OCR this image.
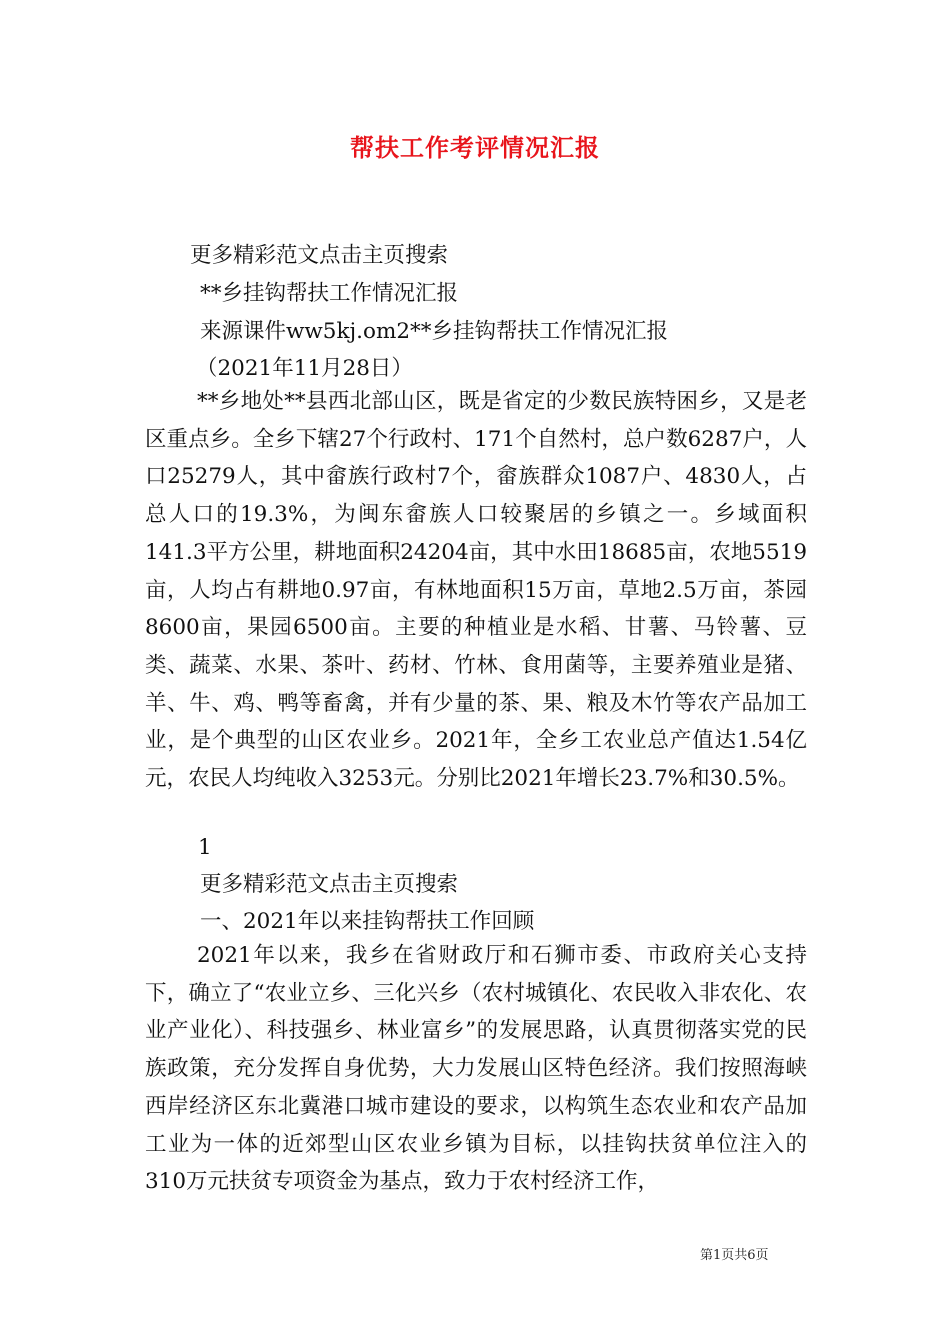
帮扶工作考评情况汇报
更多精彩范文点击主页搜索
**乡挂钩帮扶工作情况汇报
来源课件ww5kj.om2**乡挂钩帮扶工作情况汇报
（2021年11月28日）

**乡地处**县西北部山区，既是省定的少数民族特困乡，又是老区重点乡。全乡下辖27个行政村、171个自然村，总户数6287户，人口25279人，其中畲族行政村7个，畲族群众1087户、4830人，占总人口的19.3%，为闽东畲族人口较聚居的乡镇之一。乡域面积141.3平方公里，耕地面积24204亩，其中水田18685亩，农地5519亩，人均占有耕地0.97亩，有林地面积15万亩，草地2.5万亩，茶园8600亩，果园6500亩。主要的种植业是水稻、甘薯、马铃薯、豆类、蔬菜、水果、茶叶、药材、竹林、食用菌等，主要养殖业是猪、羊、牛、鸡、鸭等畜禽，并有少量的茶、果、粮及木竹等农产品加工业，是个典型的山区农业乡。2021年，全乡工农业总产值达1.54亿元，农民人均纯收入3253元。分别比2021年增长23.7%和30.5%。

1
更多精彩范文点击主页搜索
一、2021年以来挂钩帮扶工作回顾

2021年以来，我乡在省财政厅和石狮市委、市政府关心支持下，确立了“农业立乡、三化兴乡（农村城镇化、农民收入非农化、农业产业化）、科技强乡、林业富乡”的发展思路，认真贯彻落实党的民族政策，充分发挥自身优势，大力发展山区特色经济。我们按照海峡西岸经济区东北冀港口城市建设的要求，以构筑生态农业和农产品加工业为一体的近郊型山区农业乡镇为目标，以挂钩扶贫单位注入的310万元扶贫专项资金为基点，致力于农村经济工作，

第1页共6页
